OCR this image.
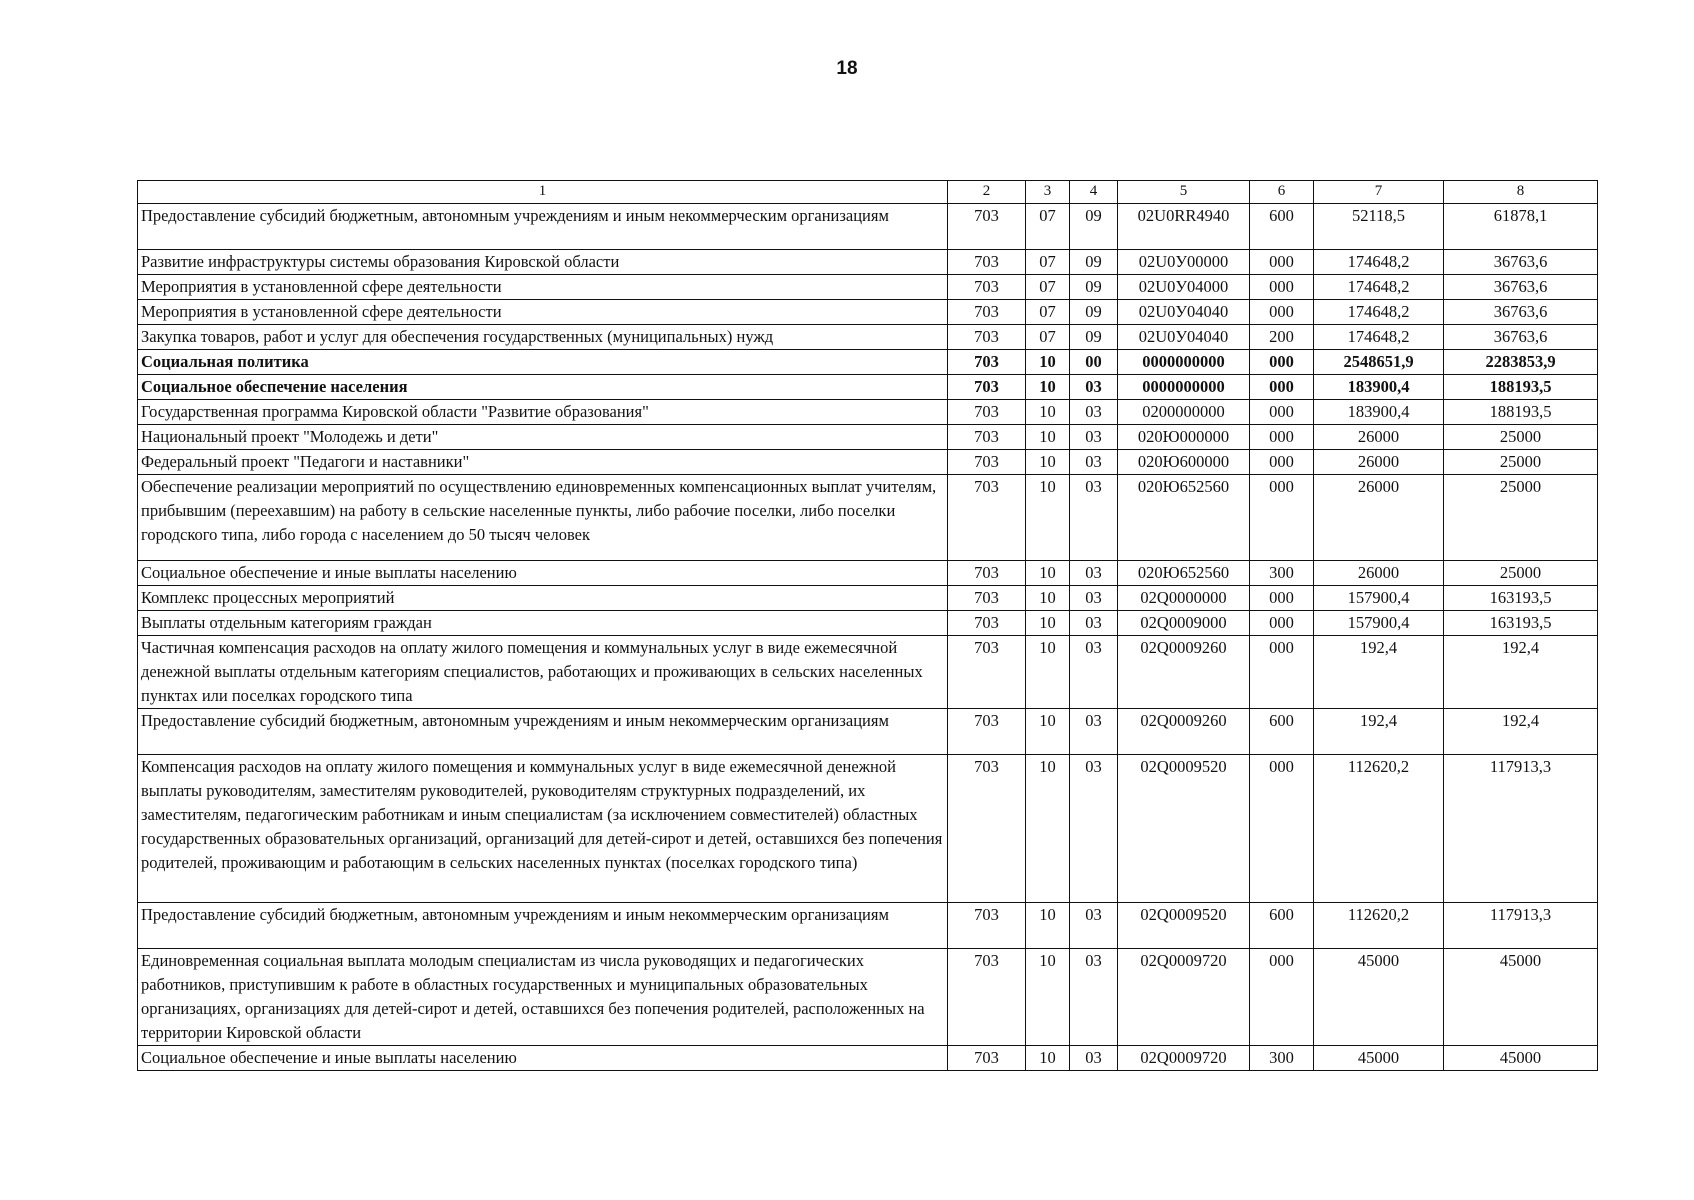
18
1	2	3	4	5	6	7	8
Предоставление субсидий бюджетным, автономным учреждениям и иным некоммерческим организациям	703	07	09	02U0RR4940	600	52118,5	61878,1
Развитие инфраструктуры системы образования Кировской области	703	07	09	02U0У00000	000	174648,2	36763,6
Мероприятия в установленной сфере деятельности	703	07	09	02U0У04000	000	174648,2	36763,6
Мероприятия в установленной сфере деятельности	703	07	09	02U0У04040	000	174648,2	36763,6
Закупка товаров, работ и услуг для обеспечения государственных (муниципальных) нужд	703	07	09	02U0У04040	200	174648,2	36763,6
Социальная политика	703	10	00	0000000000	000	2548651,9	2283853,9
Социальное обеспечение населения	703	10	03	0000000000	000	183900,4	188193,5
Государственная программа Кировской области "Развитие образования"	703	10	03	0200000000	000	183900,4	188193,5
Национальный проект "Молодежь и дети"	703	10	03	020Ю000000	000	26000	25000
Федеральный проект "Педагоги и наставники"	703	10	03	020Ю600000	000	26000	25000
Обеспечение реализации мероприятий по осуществлению единовременных компенсационных выплат учителям, прибывшим (переехавшим) на работу в сельские населенные пункты, либо рабочие поселки, либо поселки городского типа, либо города с населением до 50 тысяч человек	703	10	03	020Ю652560	000	26000	25000
Социальное обеспечение и иные выплаты населению	703	10	03	020Ю652560	300	26000	25000
Комплекс процессных мероприятий	703	10	03	02Q0000000	000	157900,4	163193,5
Выплаты отдельным категориям граждан	703	10	03	02Q0009000	000	157900,4	163193,5
Частичная компенсация расходов на оплату жилого помещения и коммунальных услуг в виде ежемесячной денежной выплаты отдельным категориям специалистов, работающих и проживающих в сельских населенных пунктах или поселках городского типа	703	10	03	02Q0009260	000	192,4	192,4
Предоставление субсидий бюджетным, автономным учреждениям и иным некоммерческим организациям	703	10	03	02Q0009260	600	192,4	192,4
Компенсация расходов на оплату жилого помещения и коммунальных услуг в виде ежемесячной денежной выплаты руководителям, заместителям руководителей, руководителям структурных подразделений, их заместителям, педагогическим работникам и иным специалистам (за исключением совместителей) областных государственных образовательных организаций, организаций для детей-сирот и детей, оставшихся без попечения родителей, проживающим и работающим в сельских населенных пунктах (поселках городского типа)	703	10	03	02Q0009520	000	112620,2	117913,3
Предоставление субсидий бюджетным, автономным учреждениям и иным некоммерческим организациям	703	10	03	02Q0009520	600	112620,2	117913,3
Единовременная социальная выплата молодым специалистам из числа руководящих и педагогических работников, приступившим к работе в областных государственных и муниципальных образовательных организациях, организациях для детей-сирот и детей, оставшихся без попечения родителей, расположенных на территории Кировской области	703	10	03	02Q0009720	000	45000	45000
Социальное обеспечение и иные выплаты населению	703	10	03	02Q0009720	300	45000	45000
